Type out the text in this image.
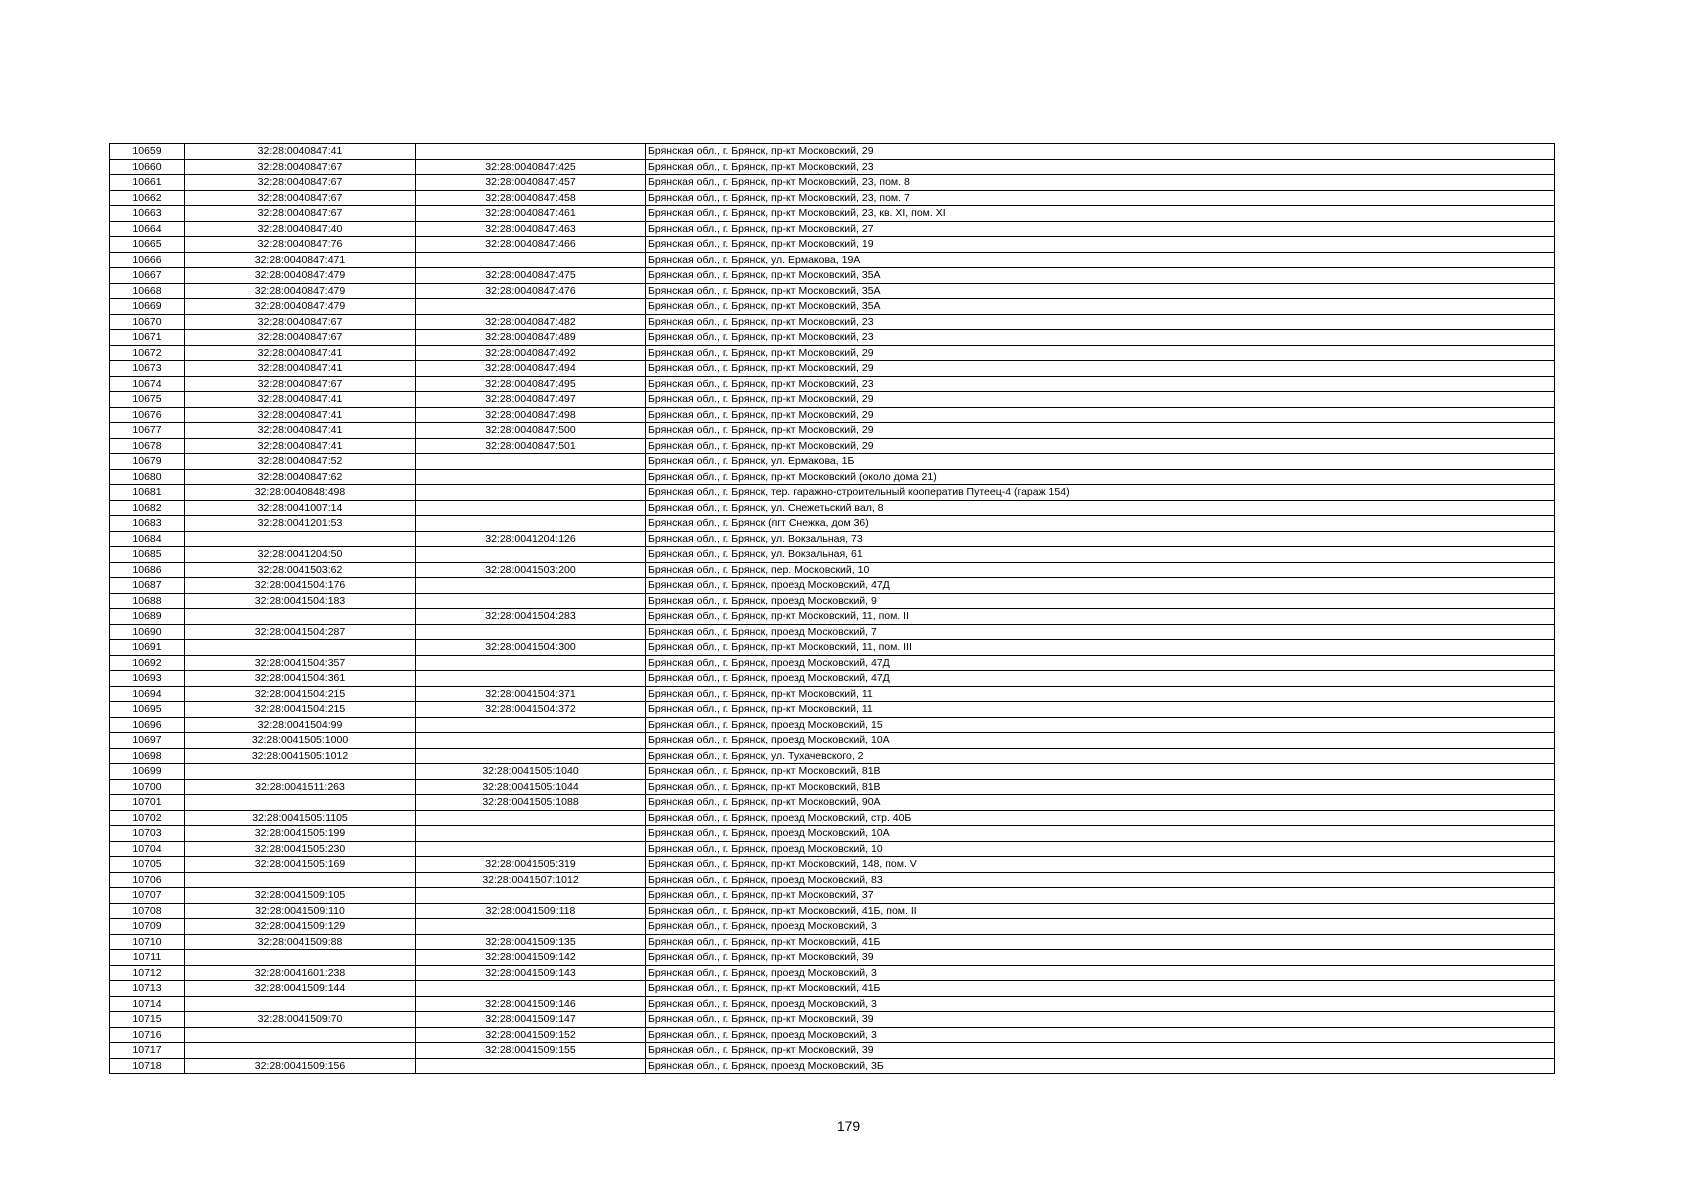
10659	32:28:0040847:41		Брянская обл., г. Брянск, пр-кт Московский, 29
10660	32:28:0040847:67	32:28:0040847:425	Брянская обл., г. Брянск, пр-кт Московский, 23
10661	32:28:0040847:67	32:28:0040847:457	Брянская обл., г. Брянск, пр-кт Московский, 23, пом. 8
10662	32:28:0040847:67	32:28:0040847:458	Брянская обл., г. Брянск, пр-кт Московский, 23, пом. 7
10663	32:28:0040847:67	32:28:0040847:461	Брянская обл., г. Брянск, пр-кт Московский, 23, кв. XI, пом. XI
10664	32:28:0040847:40	32:28:0040847:463	Брянская обл., г. Брянск, пр-кт Московский, 27
10665	32:28:0040847:76	32:28:0040847:466	Брянская обл., г. Брянск, пр-кт Московский, 19
10666	32:28:0040847:471		Брянская обл., г. Брянск, ул. Ермакова, 19А
10667	32:28:0040847:479	32:28:0040847:475	Брянская обл., г. Брянск, пр-кт Московский, 35А
10668	32:28:0040847:479	32:28:0040847:476	Брянская обл., г. Брянск, пр-кт Московский, 35А
10669	32:28:0040847:479		Брянская обл., г. Брянск, пр-кт Московский, 35А
10670	32:28:0040847:67	32:28:0040847:482	Брянская обл., г. Брянск, пр-кт Московский, 23
10671	32:28:0040847:67	32:28:0040847:489	Брянская обл., г. Брянск, пр-кт Московский, 23
10672	32:28:0040847:41	32:28:0040847:492	Брянская обл., г. Брянск, пр-кт Московский, 29
10673	32:28:0040847:41	32:28:0040847:494	Брянская обл., г. Брянск, пр-кт Московский, 29
10674	32:28:0040847:67	32:28:0040847:495	Брянская обл., г. Брянск, пр-кт Московский, 23
10675	32:28:0040847:41	32:28:0040847:497	Брянская обл., г. Брянск, пр-кт Московский, 29
10676	32:28:0040847:41	32:28:0040847:498	Брянская обл., г. Брянск, пр-кт Московский, 29
10677	32:28:0040847:41	32:28:0040847:500	Брянская обл., г. Брянск, пр-кт Московский, 29
10678	32:28:0040847:41	32:28:0040847:501	Брянская обл., г. Брянск, пр-кт Московский, 29
10679	32:28:0040847:52		Брянская обл., г. Брянск, ул. Ермакова, 1Б
10680	32:28:0040847:62		Брянская обл., г. Брянск, пр-кт Московский (около дома 21)
10681	32:28:0040848:498		Брянская обл., г. Брянск, тер. гаражно-строительный кооператив Путеец-4 (гараж 154)
10682	32:28:0041007:14		Брянская обл., г. Брянск, ул. Снежетьский вал, 8
10683	32:28:0041201:53		Брянская обл., г. Брянск (пгт Снежка, дом 36)
10684		32:28:0041204:126	Брянская обл., г. Брянск, ул. Вокзальная, 73
10685	32:28:0041204:50		Брянская обл., г. Брянск, ул. Вокзальная, 61
10686	32:28:0041503:62	32:28:0041503:200	Брянская обл., г. Брянск, пер. Московский, 10
10687	32:28:0041504:176		Брянская обл., г. Брянск, проезд Московский, 47Д
10688	32:28:0041504:183		Брянская обл., г. Брянск, проезд Московский, 9
10689		32:28:0041504:283	Брянская обл., г. Брянск, пр-кт Московский, 11, пом. II
10690	32:28:0041504:287		Брянская обл., г. Брянск, проезд Московский, 7
10691		32:28:0041504:300	Брянская обл., г. Брянск, пр-кт Московский, 11, пом. III
10692	32:28:0041504:357		Брянская обл., г. Брянск, проезд Московский, 47Д
10693	32:28:0041504:361		Брянская обл., г. Брянск, проезд Московский, 47Д
10694	32:28:0041504:215	32:28:0041504:371	Брянская обл., г. Брянск, пр-кт Московский, 11
10695	32:28:0041504:215	32:28:0041504:372	Брянская обл., г. Брянск, пр-кт Московский, 11
10696	32:28:0041504:99		Брянская обл., г. Брянск, проезд Московский, 15
10697	32:28:0041505:1000		Брянская обл., г. Брянск, проезд Московский, 10А
10698	32:28:0041505:1012		Брянская обл., г. Брянск, ул. Тухачевского, 2
10699		32:28:0041505:1040	Брянская обл., г. Брянск, пр-кт Московский, 81В
10700	32:28:0041511:263	32:28:0041505:1044	Брянская обл., г. Брянск, пр-кт Московский, 81В
10701		32:28:0041505:1088	Брянская обл., г. Брянск, пр-кт Московский, 90А
10702	32:28:0041505:1105		Брянская обл., г. Брянск, проезд Московский, стр. 40Б
10703	32:28:0041505:199		Брянская обл., г. Брянск, проезд Московский, 10А
10704	32:28:0041505:230		Брянская обл., г. Брянск, проезд Московский, 10
10705	32:28:0041505:169	32:28:0041505:319	Брянская обл., г. Брянск, пр-кт Московский, 148, пом. V
10706		32:28:0041507:1012	Брянская обл., г. Брянск, проезд Московский, 83
10707	32:28:0041509:105		Брянская обл., г. Брянск, пр-кт Московский, 37
10708	32:28:0041509:110	32:28:0041509:118	Брянская обл., г. Брянск, пр-кт Московский, 41Б, пом. II
10709	32:28:0041509:129		Брянская обл., г. Брянск, проезд Московский, 3
10710	32:28:0041509:88	32:28:0041509:135	Брянская обл., г. Брянск, пр-кт Московский, 41Б
10711		32:28:0041509:142	Брянская обл., г. Брянск, пр-кт Московский, 39
10712	32:28:0041601:238	32:28:0041509:143	Брянская обл., г. Брянск, проезд Московский, 3
10713	32:28:0041509:144		Брянская обл., г. Брянск, пр-кт Московский, 41Б
10714		32:28:0041509:146	Брянская обл., г. Брянск, проезд Московский, 3
10715	32:28:0041509:70	32:28:0041509:147	Брянская обл., г. Брянск, пр-кт Московский, 39
10716		32:28:0041509:152	Брянская обл., г. Брянск, проезд Московский, 3
10717		32:28:0041509:155	Брянская обл., г. Брянск, пр-кт Московский, 39
10718	32:28:0041509:156		Брянская обл., г. Брянск, проезд Московский, 3Б
179
